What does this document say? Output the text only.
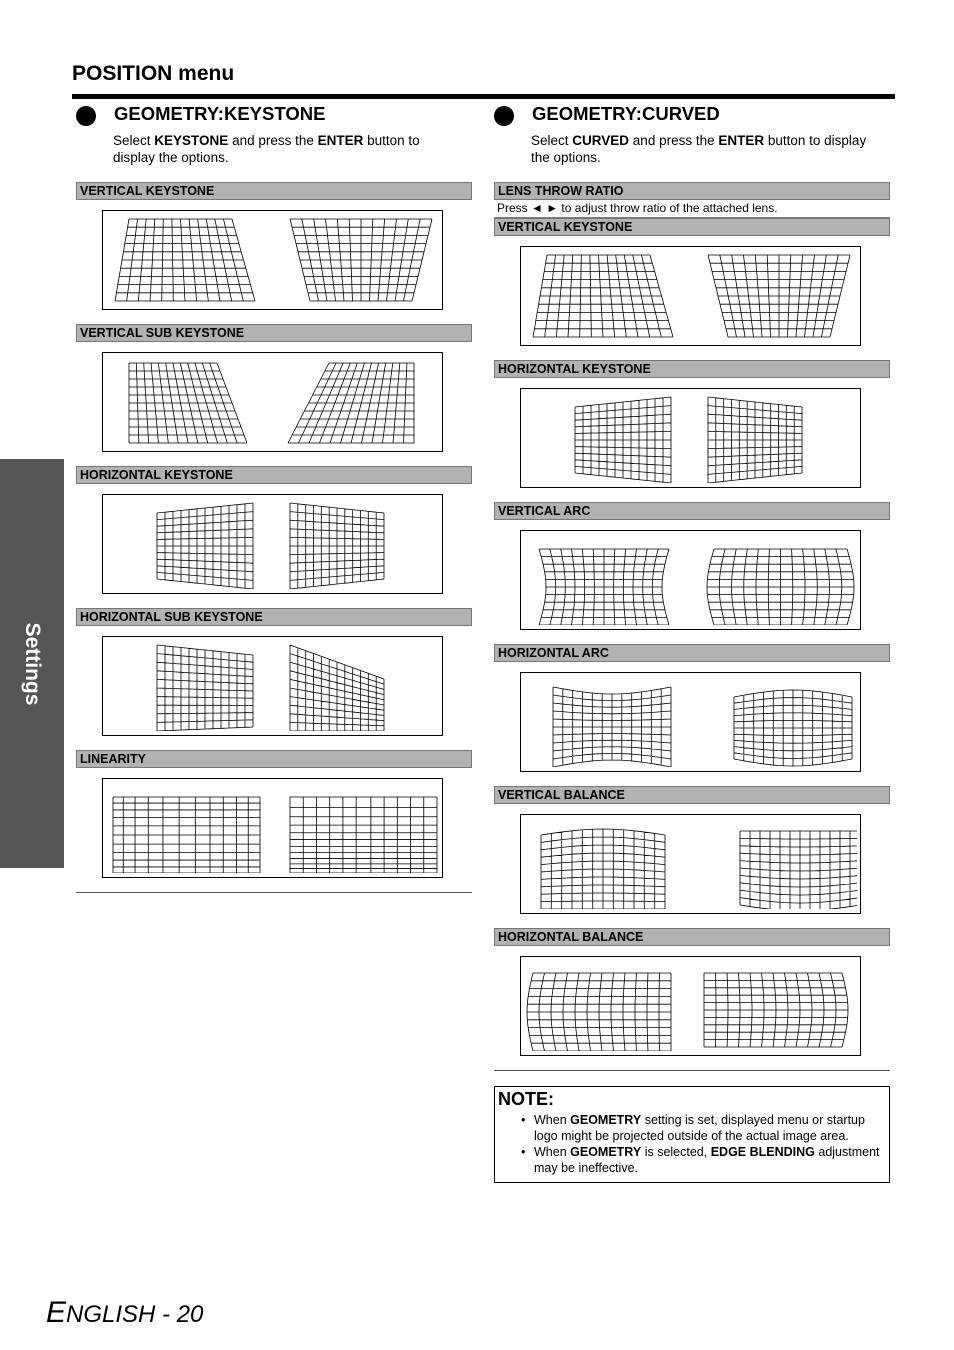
Settings
POSITION menu
GEOMETRY:KEYSTONE

Select KEYSTONE and press the ENTER button to display the options.

VERTICAL KEYSTONE
VERTICAL SUB KEYSTONE
HORIZONTAL KEYSTONE
HORIZONTAL SUB KEYSTONE
LINEARITY
GEOMETRY:CURVED

Select CURVED and press the ENTER button to display the options.

LENS THROW RATIO
Press ◄ ► to adjust throw ratio of the attached lens.
VERTICAL KEYSTONE
HORIZONTAL KEYSTONE
VERTICAL ARC
HORIZONTAL ARC
VERTICAL BALANCE
HORIZONTAL BALANCE

NOTE:

• When GEOMETRY setting is set, displayed menu or startup logo might be projected outside of the actual image area.
• When GEOMETRY is selected, EDGE BLENDING adjustment may be ineffective.
ENGLISH - 20
